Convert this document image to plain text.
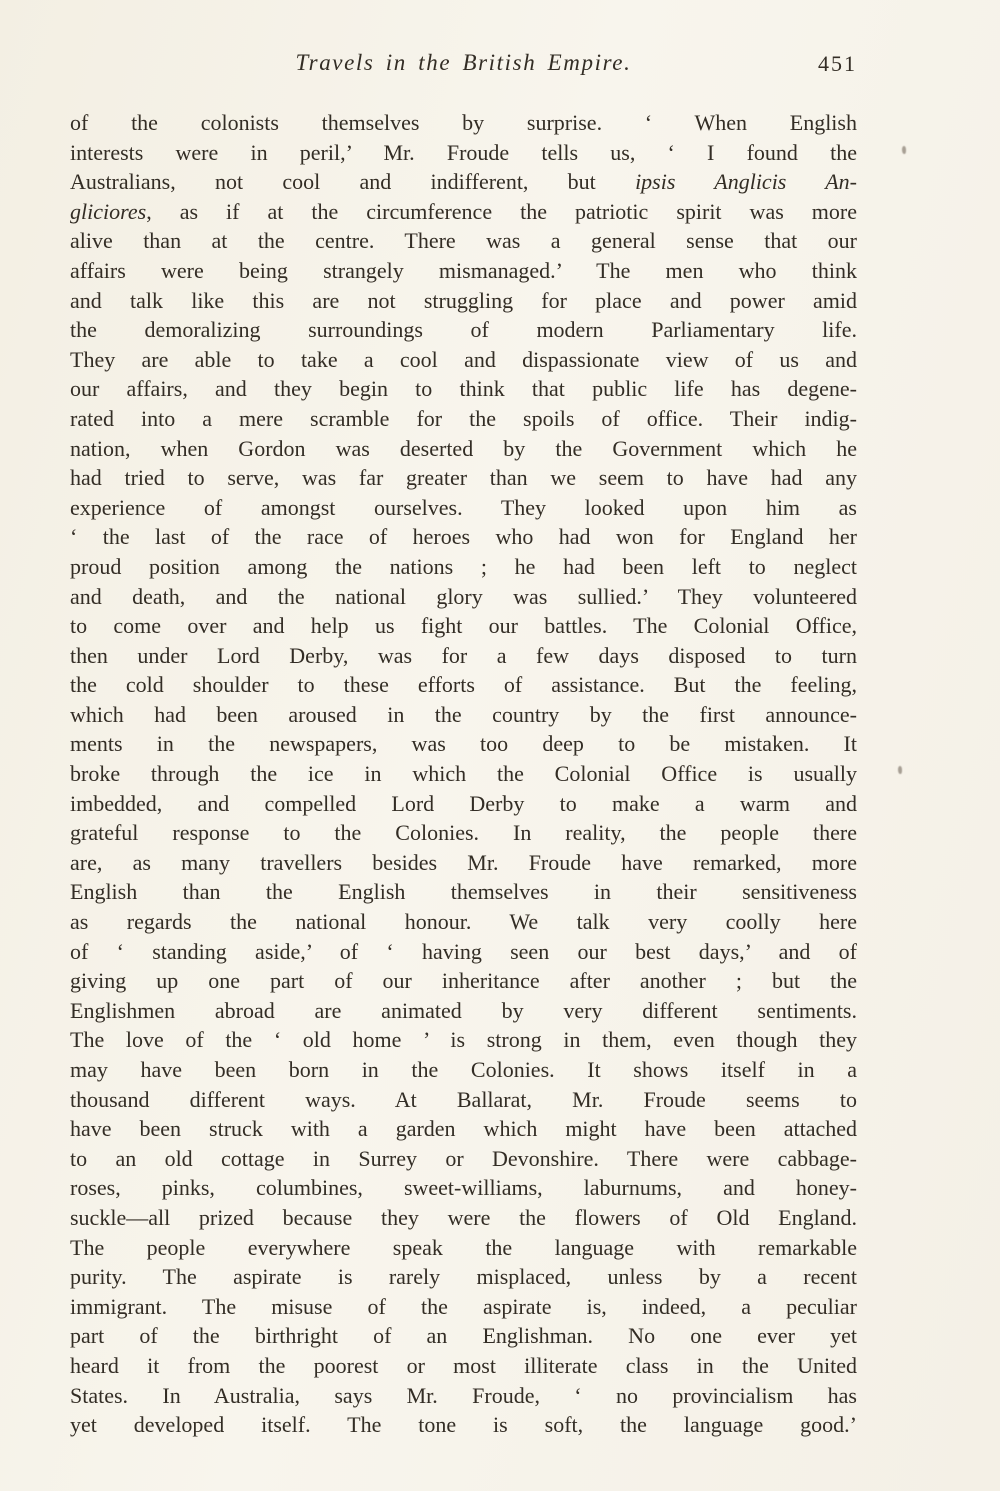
Travels in the British Empire.	451
of the colonists themselves by surprise. ‘ When English
interests were in peril,’ Mr. Froude tells us, ‘ I found the
Australians, not cool and indifferent, but ipsis Anglicis An-
gliciores, as if at the circumference the patriotic spirit was more
alive than at the centre. There was a general sense that our
affairs were being strangely mismanaged.’ The men who think
and talk like this are not struggling for place and power amid
the demoralizing surroundings of modern Parliamentary life.
They are able to take a cool and dispassionate view of us and
our affairs, and they begin to think that public life has degene-
rated into a mere scramble for the spoils of office. Their indig-
nation, when Gordon was deserted by the Government which he
had tried to serve, was far greater than we seem to have had any
experience of amongst ourselves. They looked upon him as
‘ the last of the race of heroes who had won for England her
proud position among the nations ; he had been left to neglect
and death, and the national glory was sullied.’ They volunteered
to come over and help us fight our battles. The Colonial Office,
then under Lord Derby, was for a few days disposed to turn
the cold shoulder to these efforts of assistance. But the feeling,
which had been aroused in the country by the first announce-
ments in the newspapers, was too deep to be mistaken. It
broke through the ice in which the Colonial Office is usually
imbedded, and compelled Lord Derby to make a warm and
grateful response to the Colonies. In reality, the people there
are, as many travellers besides Mr. Froude have remarked, more
English than the English themselves in their sensitiveness
as regards the national honour. We talk very coolly here
of ‘ standing aside,’ of ‘ having seen our best days,’ and of
giving up one part of our inheritance after another ; but the
Englishmen abroad are animated by very different sentiments.
The love of the ‘ old home ’ is strong in them, even though they
may have been born in the Colonies. It shows itself in a
thousand different ways. At Ballarat, Mr. Froude seems to
have been struck with a garden which might have been attached
to an old cottage in Surrey or Devonshire. There were cabbage-
roses, pinks, columbines, sweet-williams, laburnums, and honey-
suckle—all prized because they were the flowers of Old England.
The people everywhere speak the language with remarkable
purity. The aspirate is rarely misplaced, unless by a recent
immigrant. The misuse of the aspirate is, indeed, a peculiar
part of the birthright of an Englishman. No one ever yet
heard it from the poorest or most illiterate class in the United
States. In Australia, says Mr. Froude, ‘ no provincialism has
yet developed itself. The tone is soft, the language good.’
